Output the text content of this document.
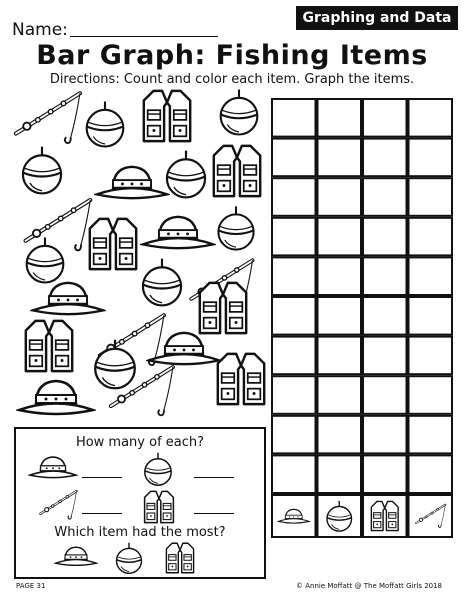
Name:
Graphing and Data
Bar Graph: Fishing Items
Directions: Count and color each item. Graph the items.
How many of each?
Which item had the most?
PAGE 31	© Annie Moffatt @ The Moffatt Girls 2018
